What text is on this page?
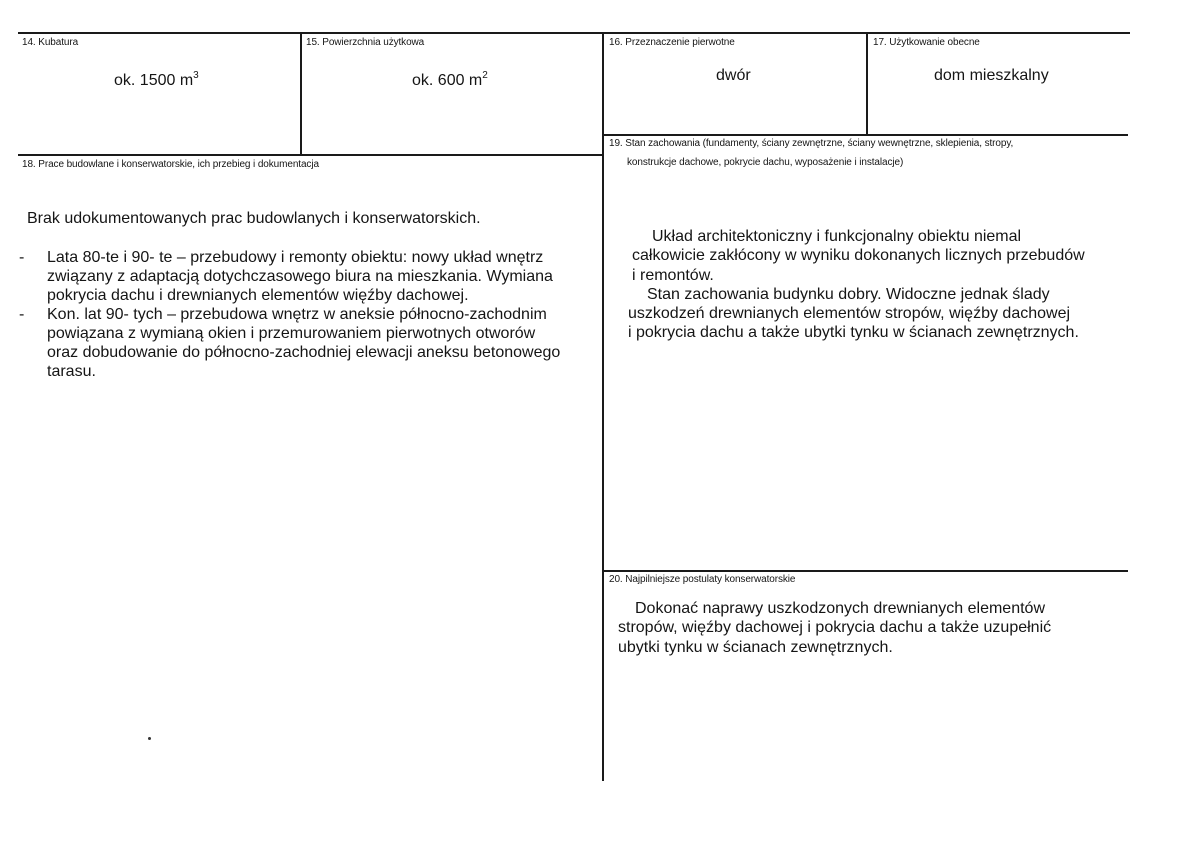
14. Kubatura
ok. 1500 $m^3$
15. Powierzchnia użytkowa
ok. 600 $m^2$
16. Przeznaczenie pierwotne
dwór
17. Użytkowanie obecne
dom mieszkalny
18. Prace budowlane i konserwatorskie, ich przebieg i dokumentacja
Brak udokumentowanych prac budowlanych i konserwatorskich.
- Lata 80-te i 90- te – przebudowy i remonty obiektu: nowy układ wnętrz
związany z adaptacją dotychczasowego biura na mieszkania. Wymiana
pokrycia dachu i drewnianych elementów więźby dachowej.
- Kon. lat 90- tych – przebudowa wnętrz w aneksie północno-zachodnim
powiązana z wymianą okien i przemurowaniem pierwotnych otworów
oraz dobudowanie do północno-zachodniej elewacji aneksu betonowego
tarasu.
19. Stan zachowania (fundamenty, ściany zewnętrzne, ściany wewnętrzne, sklepienia, stropy,
konstrukcje dachowe, pokrycie dachu, wyposażenie i instalacje)
Układ architektoniczny i funkcjonalny obiektu niemal
całkowicie zakłócony w wyniku dokonanych licznych przebudów
i remontów.
Stan zachowania budynku dobry. Widoczne jednak ślady
uszkodzeń drewnianych elementów stropów, więźby dachowej
i pokrycia dachu a także ubytki tynku w ścianach zewnętrznych.
20. Najpilniejsze postulaty konserwatorskie
Dokonać naprawy uszkodzonych drewnianych elementów
stropów, więźby dachowej i pokrycia dachu a także uzupełnić
ubytki tynku w ścianach zewnętrznych.
